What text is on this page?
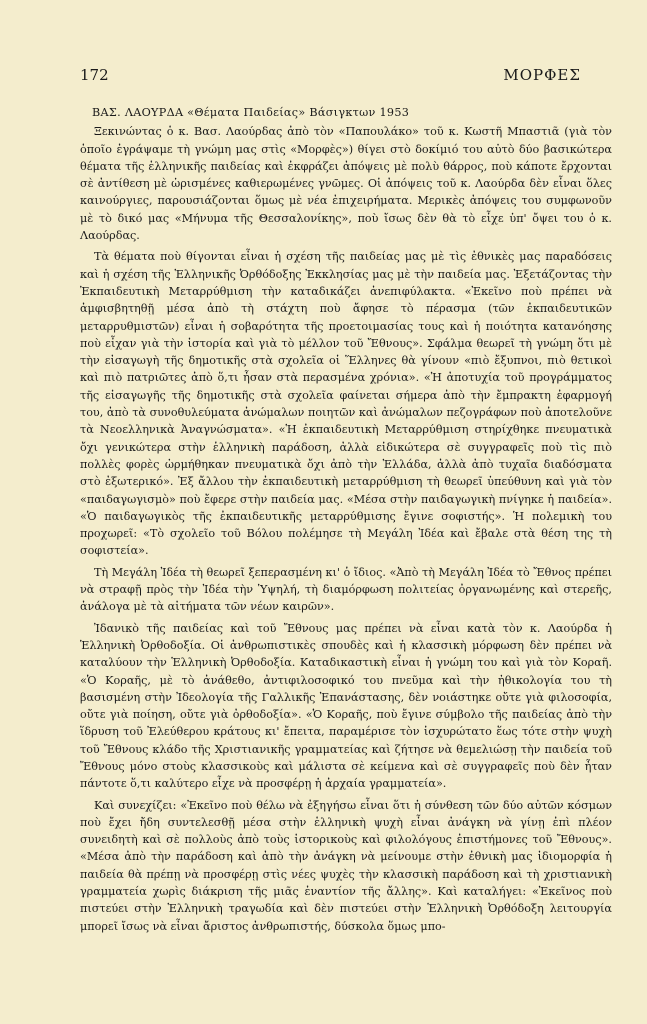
172	ΜΟΡΦΕΣ
ΒΑΣ. ΛΑΟΥΡΔΑ «Θέματα Παιδείας» Βάσιγκτων 1953

Ξεκινώντας ὁ κ. Βασ. Λαούρδας ἀπὸ τὸν «Παπουλάκο» τοῦ κ. Κωστῆ Μπαστιᾶ (γιὰ τὸν ὁποῖο ἐγράψαμε τὴ γνώμη μας στὶς «Μορφὲς») θίγει στὸ δοκίμιό του αὐτὸ δύο βασικώτερα θέματα τῆς ἑλληνικῆς παιδείας καὶ ἐκφράζει ἀπόψεις μὲ πολὺ θάρρος, ποὺ κάποτε ἔρχονται σὲ ἀντίθεση μὲ ὡρισμένες καθιερωμένες γνῶμες. Οἱ ἀπόψεις τοῦ κ. Λαούρδα δὲν εἶναι ὅλες καινούργιες, παρουσιάζονται ὅμως μὲ νέα ἐπιχειρήματα. Μερικὲς ἀπόψεις του συμφωνοῦν μὲ τὸ δικό μας «Μήνυμα τῆς Θεσσαλονίκης», ποὺ ἴσως δὲν θὰ τὸ εἶχε ὑπ' ὄψει του ὁ κ. Λαούρδας.

Τὰ θέματα ποὺ θίγονται εἶναι ἡ σχέση τῆς παιδείας μας μὲ τὶς ἐθνικὲς μας παραδόσεις καὶ ἡ σχέση τῆς Ἑλληνικῆς Ὀρθόδοξης Ἐκκλησίας μας μὲ τὴν παιδεία μας. Ἐξετάζοντας τὴν Ἐκπαιδευτικὴ Μεταρρύθμιση τὴν καταδικάζει ἀνεπιφύλακτα. «Ἐκεῖνο ποὺ πρέπει νὰ ἀμφισβητηθῇ μέσα ἀπὸ τὴ στάχτη ποὺ ἄφησε τὸ πέρασμα (τῶν ἐκπαιδευτικῶν μεταρρυθμιστῶν) εἶναι ἡ σοβαρότητα τῆς προετοιμασίας τους καὶ ἡ ποιότητα κατανόησης ποὺ εἶχαν γιὰ τὴν ἱστορία καὶ γιὰ τὸ μέλλον τοῦ Ἔθνους». Σφάλμα θεωρεῖ τὴ γνώμη ὅτι μὲ τὴν εἰσαγωγὴ τῆς δημοτικῆς στὰ σχολεῖα οἱ Ἕλληνες θὰ γίνουν «πιὸ ἔξυπνοι, πιὸ θετικοὶ καὶ πιὸ πατριῶτες ἀπὸ ὅ,τι ἦσαν στὰ περασμένα χρόνια». «Ἡ ἀποτυχία τοῦ προγράμματος τῆς εἰσαγωγῆς τῆς δημοτικῆς στὰ σχολεῖα φαίνεται σήμερα ἀπὸ τὴν ἔμπρακτη ἐφαρμογή του, ἀπὸ τὰ συνοθυλεύματα ἀνώμαλων ποιητῶν καὶ ἀνώμαλων πεζογράφων ποὺ ἀποτελοῦνε τὰ Νεοελληνικὰ Ἀναγνώσματα». «Ἡ ἐκπαιδευτικὴ Μεταρρύθμιση στηρίχθηκε πνευματικὰ ὄχι γενικώτερα στὴν ἑλληνικὴ παράδοση, ἀλλὰ εἰδικώτερα σὲ συγγραφεῖς ποὺ τὶς πιὸ πολλὲς φορὲς ὡρμήθηκαν πνευματικὰ ὄχι ἀπὸ τὴν Ἑλλάδα, ἀλλὰ ἀπὸ τυχαῖα διαδόσματα στὸ ἐξωτερικό». Ἐξ ἄλλου τὴν ἐκπαιδευτικὴ μεταρρύθμιση τὴ θεωρεῖ ὑπεύθυνη καὶ γιὰ τὸν «παιδαγωγισμὸ» ποὺ ἔφερε στὴν παιδεία μας. «Μέσα στὴν παιδαγωγικὴ πνίγηκε ἡ παιδεία». «Ὁ παιδαγωγικὸς τῆς ἐκπαιδευτικῆς μεταρρύθμισης ἔγινε σοφιστής». Ἡ πολεμικὴ του προχωρεῖ: «Τὸ σχολεῖο τοῦ Βόλου πολέμησε τὴ Μεγάλη Ἰδέα καὶ ἔβαλε στὰ θέση της τὴ σοφιστεία».

Τὴ Μεγάλη Ἰδέα τὴ θεωρεῖ ξεπερασμένη κι' ὁ ἴδιος. «Ἀπὸ τὴ Μεγάλη Ἰδέα τὸ Ἔθνος πρέπει νὰ στραφῇ πρὸς τὴν Ἰδέα τὴν Ὑψηλή, τὴ διαμόρφωση πολιτείας ὀργανωμένης καὶ στερεῆς, ἀνάλογα μὲ τὰ αἰτήματα τῶν νέων καιρῶν».

Ἰδανικὸ τῆς παιδείας καὶ τοῦ Ἔθνους μας πρέπει νὰ εἶναι κατὰ τὸν κ. Λαούρδα ἡ Ἑλληνικὴ Ὀρθοδοξία. Οἱ ἀνθρωπιστικὲς σπουδὲς καὶ ἡ κλασσικὴ μόρφωση δὲν πρέπει νὰ καταλύουν τὴν Ἑλληνικὴ Ὀρθοδοξία. Καταδικαστικὴ εἶναι ἡ γνώμη του καὶ γιὰ τὸν Κοραῆ. «Ὁ Κοραῆς, μὲ τὸ ἀνάθεθο, ἀντιφιλοσοφικό του πνεῦμα καὶ τὴν ἠθικολογία του τὴ βασισμένη στὴν Ἰδεολογία τῆς Γαλλικῆς Ἐπανάστασης, δὲν νοιάστηκε οὔτε γιὰ φιλοσοφία, οὔτε γιὰ ποίηση, οὔτε γιὰ ὀρθοδοξία». «Ὁ Κοραῆς, ποὺ ἔγινε σύμβολο τῆς παιδείας ἀπὸ τὴν ἵδρυση τοῦ Ἐλεύθερου κράτους κι' ἔπειτα, παραμέρισε τὸν ἰσχυρώτατο ἕως τότε στὴν ψυχὴ τοῦ Ἔθνους κλάδο τῆς Χριστιανικῆς γραμματείας καὶ ζήτησε νὰ θεμελιώσῃ τὴν παιδεία τοῦ Ἔθνους μόνο στοὺς κλασσικοὺς καὶ μάλιστα σὲ κείμενα καὶ σὲ συγγραφεῖς ποὺ δὲν ἦταν πάντοτε ὅ,τι καλύτερο εἶχε νὰ προσφέρῃ ἡ ἀρχαία γραμματεία».

Καὶ συνεχίζει: «Ἐκεῖνο ποὺ θέλω νὰ ἐξηγήσω εἶναι ὅτι ἡ σύνθεση τῶν δύο αὐτῶν κόσμων ποὺ ἔχει ἤδη συντελεσθῇ μέσα στὴν ἑλληνικὴ ψυχὴ εἶναι ἀνάγκη νὰ γίνῃ ἐπὶ πλέον συνειδητὴ καὶ σὲ πολλοὺς ἀπὸ τοὺς ἱστορικοὺς καὶ φιλολόγους ἐπιστήμονες τοῦ Ἔθνους». «Μέσα ἀπὸ τὴν παράδοση καὶ ἀπὸ τὴν ἀνάγκη νὰ μείνουμε στὴν ἐθνικὴ μας ἰδιομορφία ἡ παιδεία θὰ πρέπῃ νὰ προσφέρῃ στὶς νέες ψυχὲς τὴν κλασσικὴ παράδοση καὶ τὴ χριστιανικὴ γραμματεία χωρὶς διάκριση τῆς μιᾶς ἐναντίον τῆς ἄλλης». Καὶ καταλήγει: «Ἐκεῖνος ποὺ πιστεύει στὴν Ἑλληνικὴ τραγωδία καὶ δὲν πιστεύει στὴν Ἑλληνικὴ Ὀρθόδοξη λειτουργία μπορεῖ ἴσως νὰ εἶναι ἄριστος ἀνθρωπιστής, δύσκολα ὅμως μπο-
